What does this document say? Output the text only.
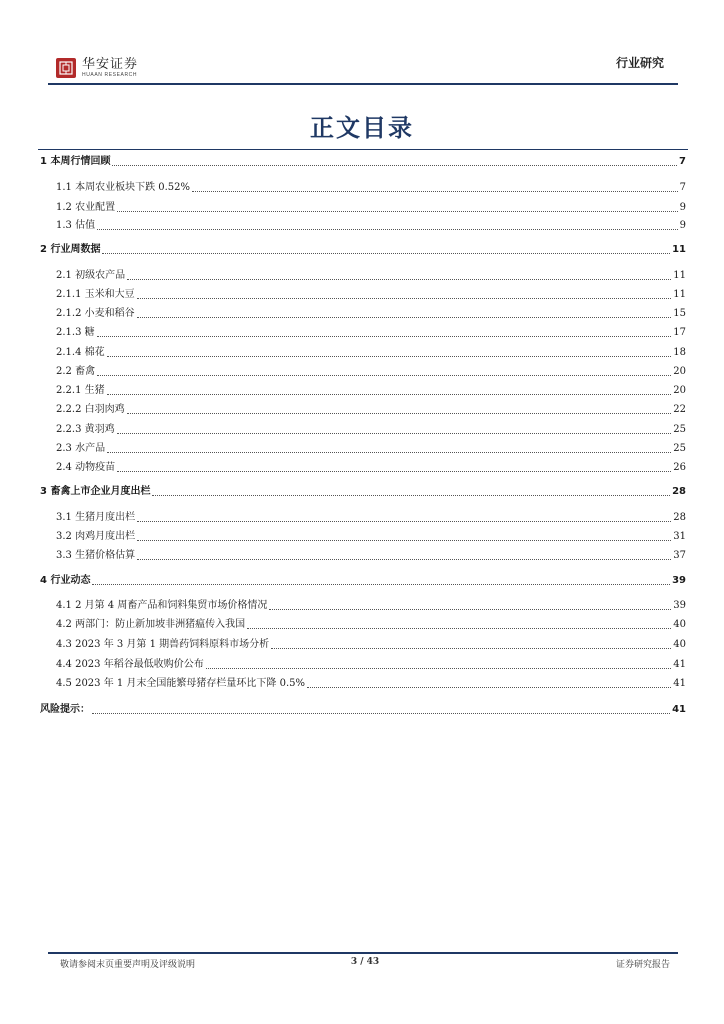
华安证券
HUAAN RESEARCH
行业研究
正文目录
1 本周行情回顾	7
1.1 本周农业板块下跌 0.52%	7
1.2 农业配置	9
1.3 估值	9
2 行业周数据	11
2.1 初级农产品	11
2.1.1 玉米和大豆	11
2.1.2 小麦和稻谷	15
2.1.3 糖	17
2.1.4 棉花	18
2.2 畜禽	20
2.2.1 生猪	20
2.2.2 白羽肉鸡	22
2.2.3 黄羽鸡	25
2.3 水产品	25
2.4 动物疫苗	26
3 畜禽上市企业月度出栏	28
3.1 生猪月度出栏	28
3.2 肉鸡月度出栏	31
3.3 生猪价格估算	37
4 行业动态	39
4.1 2 月第 4 周畜产品和饲料集贸市场价格情况	39
4.2 两部门：防止新加坡非洲猪瘟传入我国	40
4.3 2023 年 3 月第 1 期兽药饲料原料市场分析	40
4.4 2023 年稻谷最低收购价公布	41
4.5 2023 年 1 月末全国能繁母猪存栏量环比下降 0.5%	41
风险提示：	41
敬请参阅末页重要声明及评级说明	3 / 43	证券研究报告
